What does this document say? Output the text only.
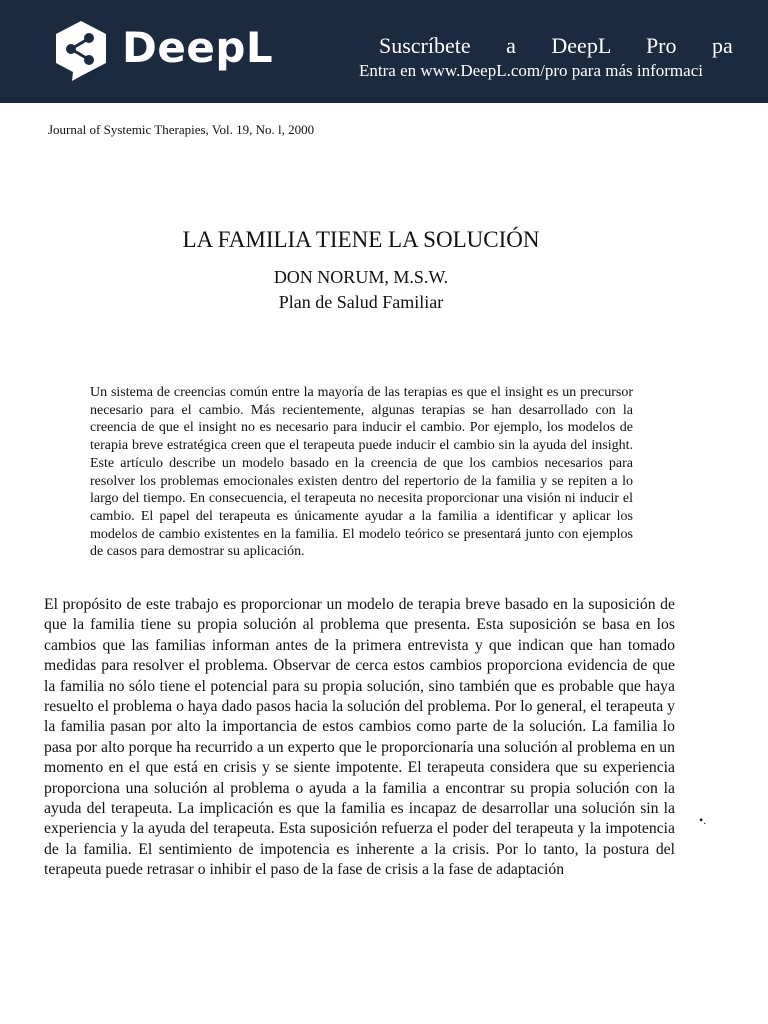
DeepL	Suscríbete a DeepL Pro pa
Entra en www.DeepL.com/pro para más informaci
Journal of Systemic Therapies, Vol. 19, No. l, 2000
LA FAMILIA TIENE LA SOLUCIÓN
DON NORUM, M.S.W.
Plan de Salud Familiar

Un sistema de creencias común entre la mayoría de las terapias es que el insight es un precursor necesario para el cambio. Más recientemente, algunas terapias se han desarrollado con la creencia de que el insight no es necesario para inducir el cambio. Por ejemplo, los modelos de terapia breve estratégica creen que el terapeuta puede inducir el cambio sin la ayuda del insight. Este artículo describe un modelo basado en la creencia de que los cambios necesarios para resolver los problemas emocionales existen dentro del repertorio de la familia y se repiten a lo largo del tiempo. En consecuencia, el terapeuta no necesita proporcionar una visión ni inducir el cambio. El papel del terapeuta es únicamente ayudar a la familia a identificar y aplicar los modelos de cambio existentes en la familia. El modelo teórico se presentará junto con ejemplos de casos para demostrar su aplicación.

El propósito de este trabajo es proporcionar un modelo de terapia breve basado en la suposición de que la familia tiene su propia solución al problema que presenta. Esta suposición se basa en los cambios que las familias informan antes de la primera entrevista y que indican que han tomado medidas para resolver el problema. Observar de cerca estos cambios proporciona evidencia de que la familia no sólo tiene el potencial para su propia solución, sino también que es probable que haya resuelto el problema o haya dado pasos hacia la solución del problema. Por lo general, el terapeuta y la familia pasan por alto la importancia de estos cambios como parte de la solución. La familia lo pasa por alto porque ha recurrido a un experto que le proporcionaría una solución al problema en un momento en el que está en crisis y se siente impotente. El terapeuta considera que su experiencia proporciona una solución al problema o ayuda a la familia a encontrar su propia solución con la ayuda del terapeuta. La implicación es que la familia es incapaz de desarrollar una solución sin la experiencia y la ayuda del terapeuta. Esta suposición refuerza el poder del terapeuta y la impotencia de la familia. El sentimiento de impotencia es inherente a la crisis. Por lo tanto, la postura del terapeuta puede retrasar o inhibir el paso de la fase de crisis a la fase de adaptación

•.
